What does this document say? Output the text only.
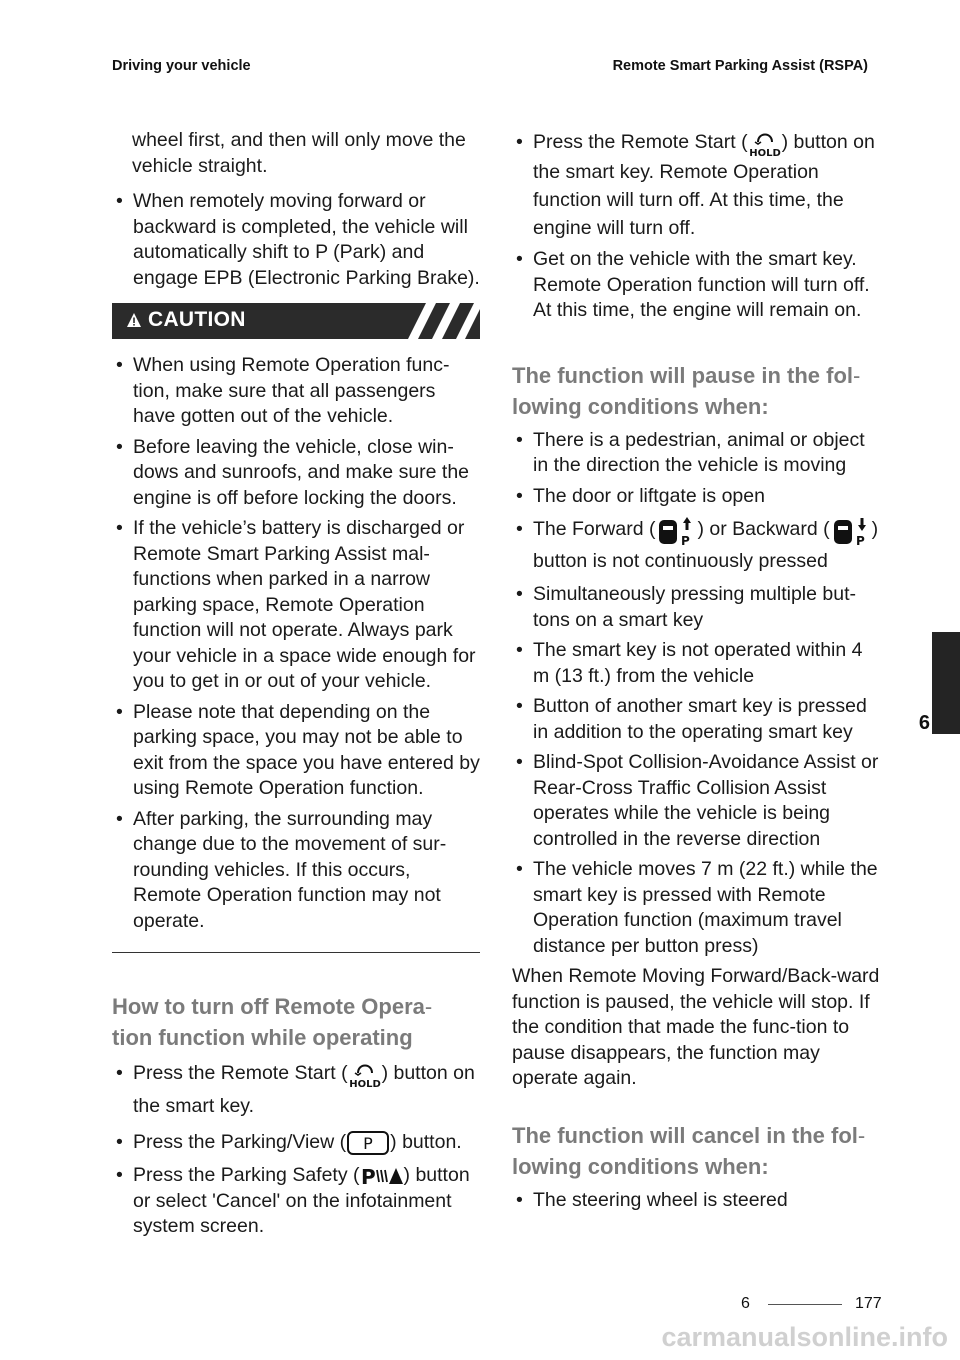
Driving your vehicle	Remote Smart Parking Assist (RSPA)

wheel first, and then will only move the vehicle straight.

• When remotely moving forward or backward is completed, the vehicle will automatically shift to P (Park) and engage EPB (Electronic Parking Brake).
CAUTION
• When using Remote Operation func-tion, make sure that all passengers have gotten out of the vehicle.
• Before leaving the vehicle, close win-dows and sunroofs, and make sure the engine is off before locking the doors.
• If the vehicle’s battery is discharged or Remote Smart Parking Assist mal-functions when parked in a narrow parking space, Remote Operation function will not operate. Always park your vehicle in a space wide enough for you to get in or out of your vehicle.
• Please note that depending on the parking space, you may not be able to exit from the space you have entered by using Remote Operation function.
• After parking, the surrounding may change due to the movement of sur-rounding vehicles. If this occurs, Remote Operation function may not operate.
How to turn off Remote Opera-
tion function while operating
• Press the Remote Start (
HOLD
) button on the smart key.
• Press the Parking/View ( P ) button.
• Press the Parking Safety ( P ) button or select 'Cancel' on the infotainment system screen.
• Press the Remote Start (
HOLD
) button on the smart key. Remote Operation function will turn off. At this time, the engine will turn off.
• Get on the vehicle with the smart key. Remote Operation function will turn off. At this time, the engine will remain on.
The function will pause in the fol-
lowing conditions when:
• There is a pedestrian, animal or object in the direction the vehicle is moving
• The door or liftgate is open
• The Forward (
P
) or Backward (
P
) button is not continuously pressed
• Simultaneously pressing multiple but-tons on a smart key
• The smart key is not operated within 4 m (13 ft.) from the vehicle
• Button of another smart key is pressed in addition to the operating smart key
• Blind-Spot Collision-Avoidance Assist or Rear-Cross Traffic Collision Assist operates while the vehicle is being controlled in the reverse direction
• The vehicle moves 7 m (22 ft.) while the smart key is pressed with Remote Operation function (maximum travel distance per button press)

When Remote Moving Forward/Back-ward function is paused, the vehicle will stop. If the condition that made the func-tion to pause disappears, the function may operate again.

The function will cancel in the fol-
lowing conditions when:
• The steering wheel is steered
6
6	177
carmanualsonline.info
